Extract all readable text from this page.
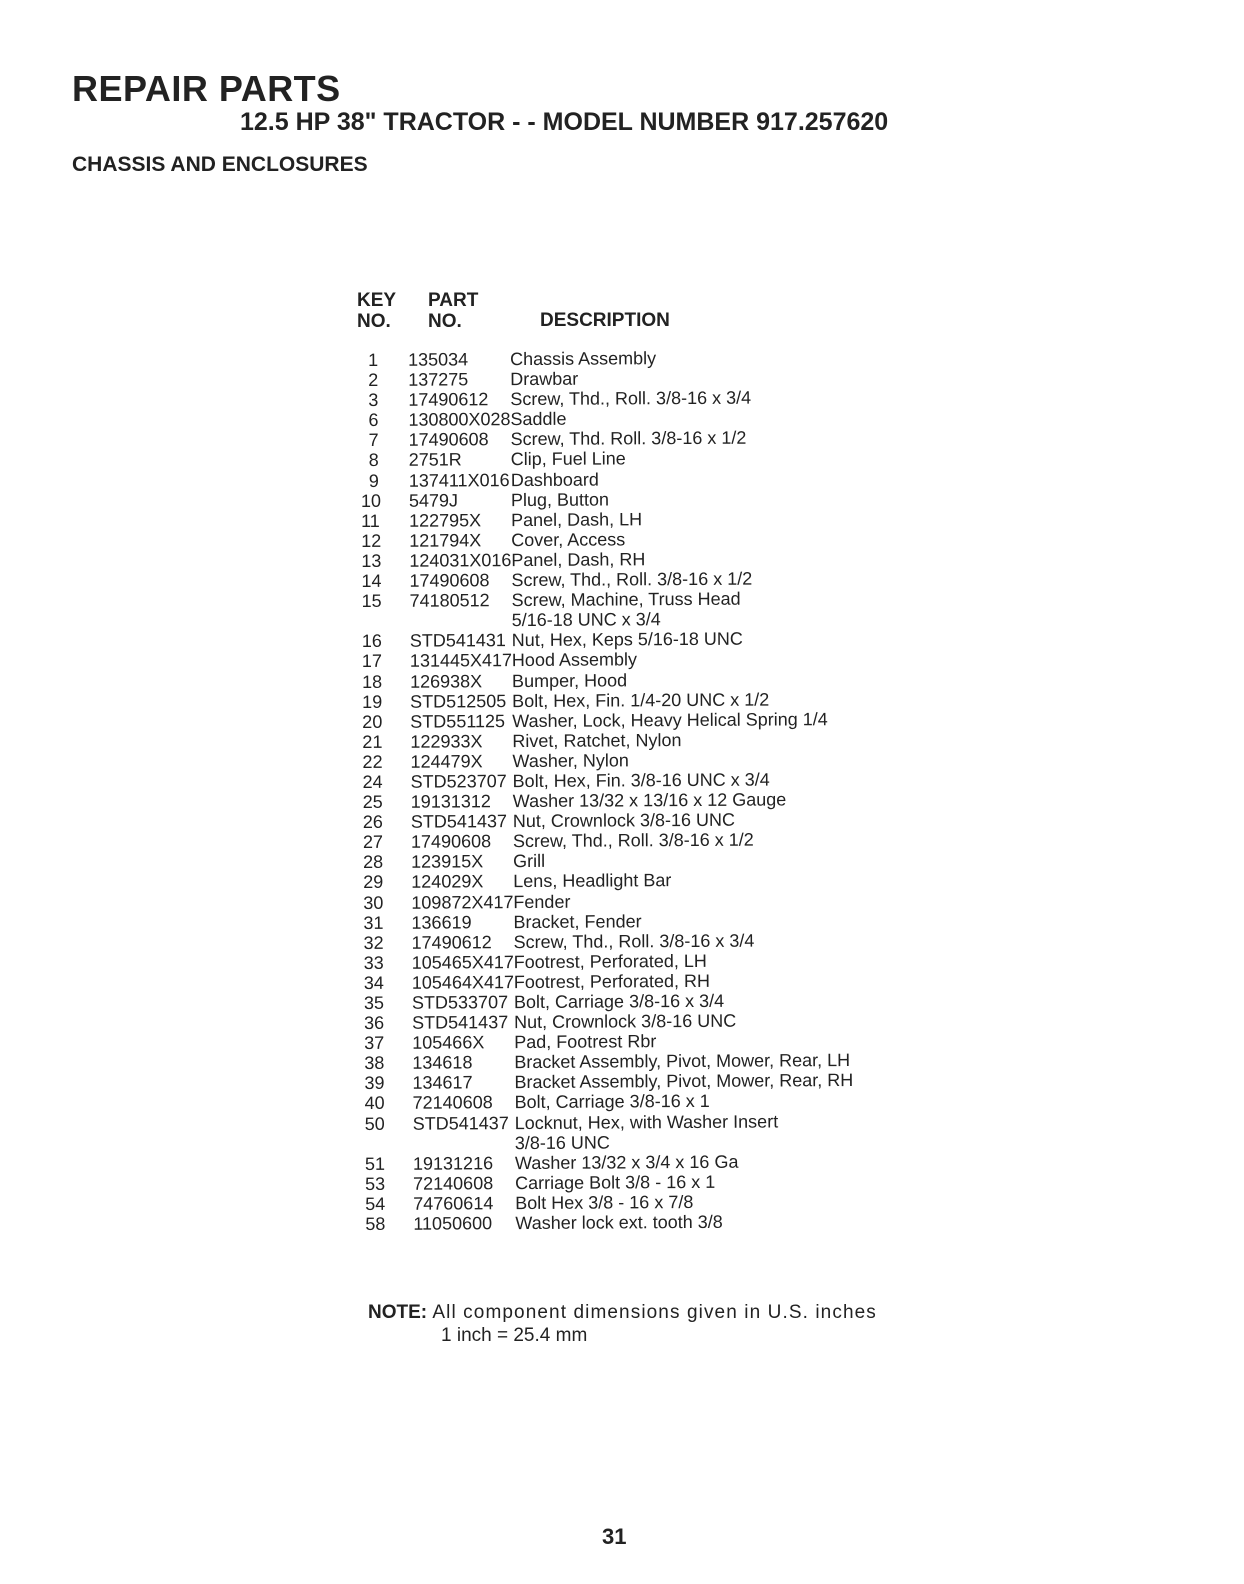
REPAIR PARTS
12.5 HP 38" TRACTOR - - MODEL NUMBER 917.257620
CHASSIS AND ENCLOSURES
KEY
NO.
PART
NO.	DESCRIPTION
1	135034	Chassis Assembly
2	137275	Drawbar
3	17490612	Screw, Thd., Roll. 3/8-16 x 3/4
6	130800X028 Saddle
7	17490608	Screw, Thd. Roll. 3/8-16 x 1/2
8	2751R	Clip, Fuel Line
9	137411X016 Dashboard
10	5479J	Plug, Button
11	122795X	Panel, Dash, LH
12	121794X	Cover, Access
13	124031X016 Panel, Dash, RH
14	17490608	Screw, Thd., Roll. 3/8-16 x 1/2
15	74180512	Screw, Machine, Truss Head
5/16-18 UNC x 3/4
16	STD541431 Nut, Hex, Keps 5/16-18 UNC
17	131445X417 Hood Assembly
18	126938X	Bumper, Hood
19	STD512505 Bolt, Hex, Fin. 1/4-20 UNC x 1/2
20	STD551125 Washer, Lock, Heavy Helical Spring 1/4
21	122933X	Rivet, Ratchet, Nylon
22	124479X	Washer, Nylon
24	STD523707 Bolt, Hex, Fin. 3/8-16 UNC x 3/4
25	19131312	Washer 13/32 x 13/16 x 12 Gauge
26	STD541437 Nut, Crownlock 3/8-16 UNC
27	17490608	Screw, Thd., Roll. 3/8-16 x 1/2
28	123915X	Grill
29	124029X	Lens, Headlight Bar
30	109872X417 Fender
31	136619	Bracket, Fender
32	17490612	Screw, Thd., Roll. 3/8-16 x 3/4
33	105465X417 Footrest, Perforated, LH
34	105464X417 Footrest, Perforated, RH
35	STD533707 Bolt, Carriage 3/8-16 x 3/4
36	STD541437 Nut, Crownlock 3/8-16 UNC
37	105466X	Pad, Footrest Rbr
38	134618	Bracket Assembly, Pivot, Mower, Rear, LH
39	134617	Bracket Assembly, Pivot, Mower, Rear, RH
40	72140608	Bolt, Carriage 3/8-16 x 1
50	STD541437 Locknut, Hex, with Washer Insert
3/8-16 UNC
51	19131216	Washer 13/32 x 3/4 x 16 Ga
53	72140608	Carriage Bolt 3/8 - 16 x 1
54	74760614	Bolt Hex 3/8 - 16 x 7/8
58	11050600	Washer lock ext. tooth 3/8
NOTE: All component dimensions given in U.S. inches
1 inch = 25.4 mm
31
